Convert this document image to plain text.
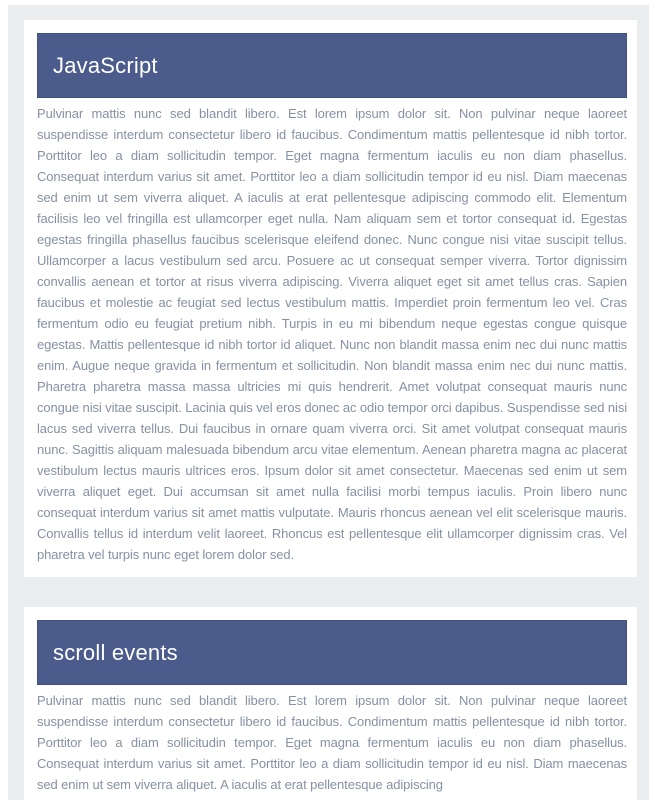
JavaScript

Pulvinar mattis nunc sed blandit libero. Est lorem ipsum dolor sit. Non pulvinar neque laoreet suspendisse interdum consectetur libero id faucibus. Condimentum mattis pellentesque id nibh tortor. Porttitor leo a diam sollicitudin tempor. Eget magna fermentum iaculis eu non diam phasellus. Consequat interdum varius sit amet. Porttitor leo a diam sollicitudin tempor id eu nisl. Diam maecenas sed enim ut sem viverra aliquet. A iaculis at erat pellentesque adipiscing commodo elit. Elementum facilisis leo vel fringilla est ullamcorper eget nulla. Nam aliquam sem et tortor consequat id. Egestas egestas fringilla phasellus faucibus scelerisque eleifend donec. Nunc congue nisi vitae suscipit tellus. Ullamcorper a lacus vestibulum sed arcu. Posuere ac ut consequat semper viverra. Tortor dignissim convallis aenean et tortor at risus viverra adipiscing. Viverra aliquet eget sit amet tellus cras. Sapien faucibus et molestie ac feugiat sed lectus vestibulum mattis. Imperdiet proin fermentum leo vel. Cras fermentum odio eu feugiat pretium nibh. Turpis in eu mi bibendum neque egestas congue quisque egestas. Mattis pellentesque id nibh tortor id aliquet. Nunc non blandit massa enim nec dui nunc mattis enim. Augue neque gravida in fermentum et sollicitudin. Non blandit massa enim nec dui nunc mattis. Pharetra pharetra massa massa ultricies mi quis hendrerit. Amet volutpat consequat mauris nunc congue nisi vitae suscipit. Lacinia quis vel eros donec ac odio tempor orci dapibus. Suspendisse sed nisi lacus sed viverra tellus. Dui faucibus in ornare quam viverra orci. Sit amet volutpat consequat mauris nunc. Sagittis aliquam malesuada bibendum arcu vitae elementum. Aenean pharetra magna ac placerat vestibulum lectus mauris ultrices eros. Ipsum dolor sit amet consectetur. Maecenas sed enim ut sem viverra aliquet eget. Dui accumsan sit amet nulla facilisi morbi tempus iaculis. Proin libero nunc consequat interdum varius sit amet mattis vulputate. Mauris rhoncus aenean vel elit scelerisque mauris. Convallis tellus id interdum velit laoreet. Rhoncus est pellentesque elit ullamcorper dignissim cras. Vel pharetra vel turpis nunc eget lorem dolor sed.

scroll events

Pulvinar mattis nunc sed blandit libero. Est lorem ipsum dolor sit. Non pulvinar neque laoreet suspendisse interdum consectetur libero id faucibus. Condimentum mattis pellentesque id nibh tortor. Porttitor leo a diam sollicitudin tempor. Eget magna fermentum iaculis eu non diam phasellus. Consequat interdum varius sit amet. Porttitor leo a diam sollicitudin tempor id eu nisl. Diam maecenas sed enim ut sem viverra aliquet. A iaculis at erat pellentesque adipiscing
